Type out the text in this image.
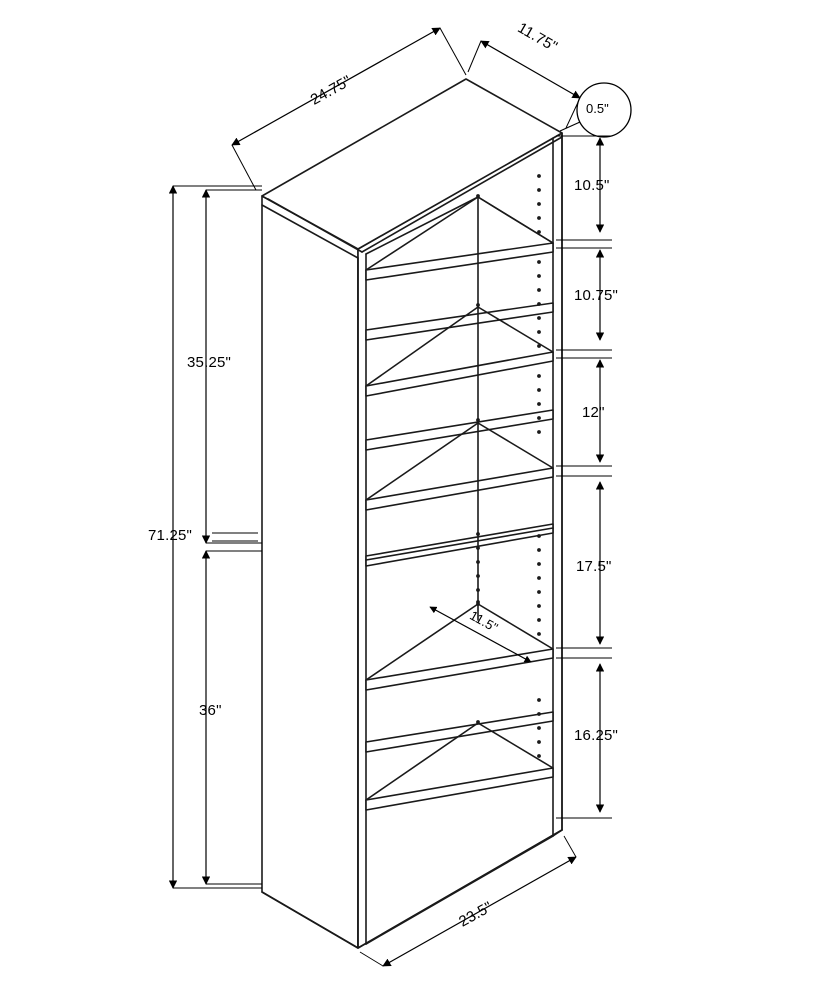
24.75"
11.75"
0.5"
35.25"
36"
71.25"
10.5"
10.75"
12"
17.5"
16.25"
11.5"
23.5"
